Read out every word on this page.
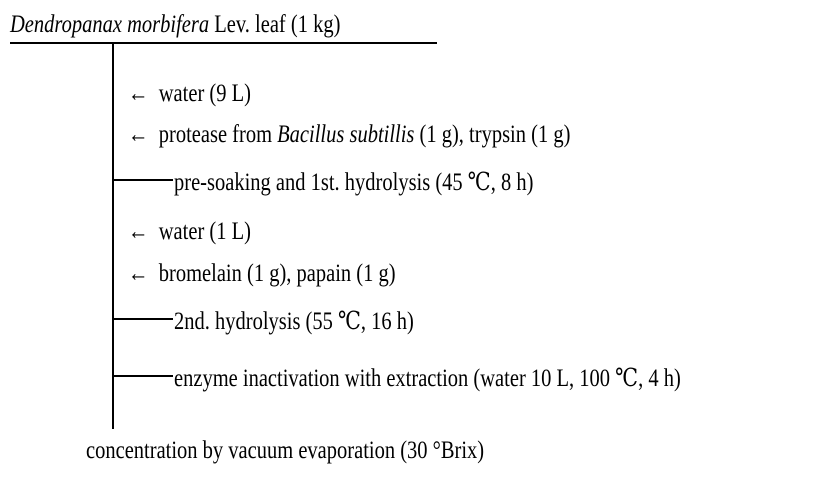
Dendropanax morbifera Lev. leaf (1 kg)
← water (9 L)
← protease from Bacillus subtillis (1 g), trypsin (1 g)
pre-soaking and 1st. hydrolysis (45 ℃, 8 h)
← water (1 L)
← bromelain (1 g), papain (1 g)
2nd. hydrolysis (55 ℃, 16 h)
enzyme inactivation with extraction (water 10 L, 100 ℃, 4 h)
concentration by vacuum evaporation (30 °Brix)
